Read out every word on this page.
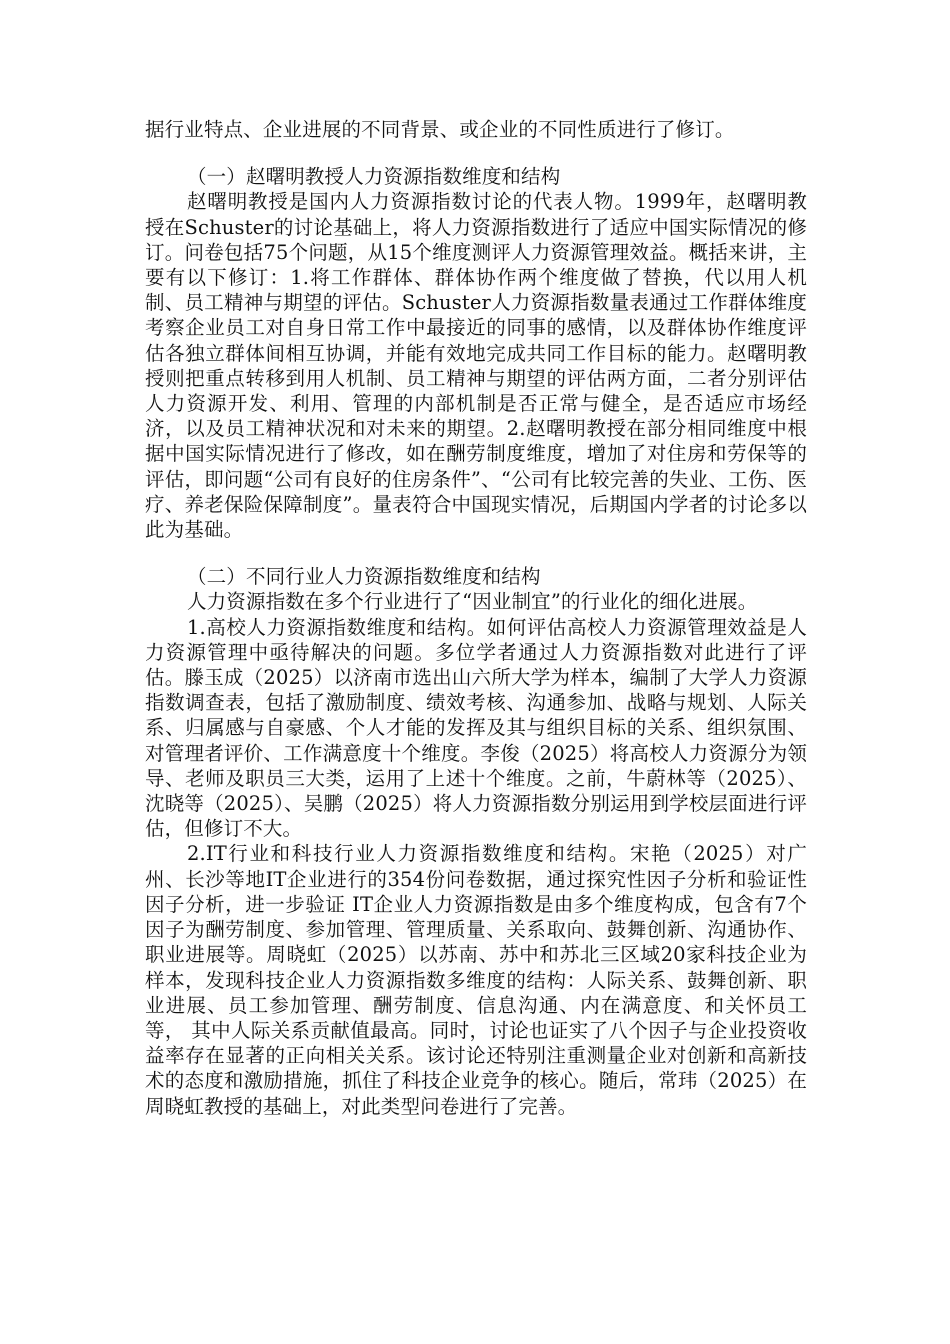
据行业特点、企业进展的不同背景、或企业的不同性质进行了修订。

（一）赵曙明教授人力资源指数维度和结构

赵曙明教授是国内人力资源指数讨论的代表人物。1999年，赵曙明教授在Schuster的讨论基础上，将人力资源指数进行了适应中国实际情况的修订。问卷包括75个问题，从15个维度测评人力资源管理效益。概括来讲，主要有以下修订：1.将工作群体、群体协作两个维度做了替换，代以用人机制、员工精神与期望的评估。Schuster人力资源指数量表通过工作群体维度考察企业员工对自身日常工作中最接近的同事的感情，以及群体协作维度评估各独立群体间相互协调，并能有效地完成共同工作目标的能力。赵曙明教授则把重点转移到用人机制、员工精神与期望的评估两方面，二者分别评估人力资源开发、利用、管理的内部机制是否正常与健全，是否适应市场经济，以及员工精神状况和对未来的期望。2.赵曙明教授在部分相同维度中根据中国实际情况进行了修改，如在酬劳制度维度，增加了对住房和劳保等的评估，即问题“公司有良好的住房条件”、“公司有比较完善的失业、工伤、医疗、养老保险保障制度”。量表符合中国现实情况，后期国内学者的讨论多以此为基础。

（二）不同行业人力资源指数维度和结构

人力资源指数在多个行业进行了“因业制宜”的行业化的细化进展。

1.高校人力资源指数维度和结构。如何评估高校人力资源管理效益是人力资源管理中亟待解决的问题。多位学者通过人力资源指数对此进行了评估。滕玉成（2025）以济南市选出山六所大学为样本，编制了大学人力资源指数调查表，包括了激励制度、绩效考核、沟通参加、战略与规划、人际关系、归属感与自豪感、个人才能的发挥及其与组织目标的关系、组织氛围、对管理者评价、工作满意度十个维度。李俊（2025）将高校人力资源分为领导、老师及职员三大类，运用了上述十个维度。之前，牛蔚林等（2025）、沈晓等（2025）、吴鹏（2025）将人力资源指数分别运用到学校层面进行评估，但修订不大。

2.IT行业和科技行业人力资源指数维度和结构。宋艳（2025）对广州、长沙等地IT企业进行的354份问卷数据，通过探究性因子分析和验证性因子分析，进一步验证 IT企业人力资源指数是由多个维度构成，包含有7个因子为酬劳制度、参加管理、管理质量、关系取向、鼓舞创新、沟通协作、职业进展等。周晓虹（2025）以苏南、苏中和苏北三区域20家科技企业为样本，发现科技企业人力资源指数多维度的结构：人际关系、鼓舞创新、职业进展、员工参加管理、酬劳制度、信息沟通、内在满意度、和关怀员工等， 其中人际关系贡献值最高。同时，讨论也证实了八个因子与企业投资收益率存在显著的正向相关关系。该讨论还特别注重测量企业对创新和高新技术的态度和激励措施，抓住了科技企业竞争的核心。随后，常玮（2025）在周晓虹教授的基础上，对此类型问卷进行了完善。
